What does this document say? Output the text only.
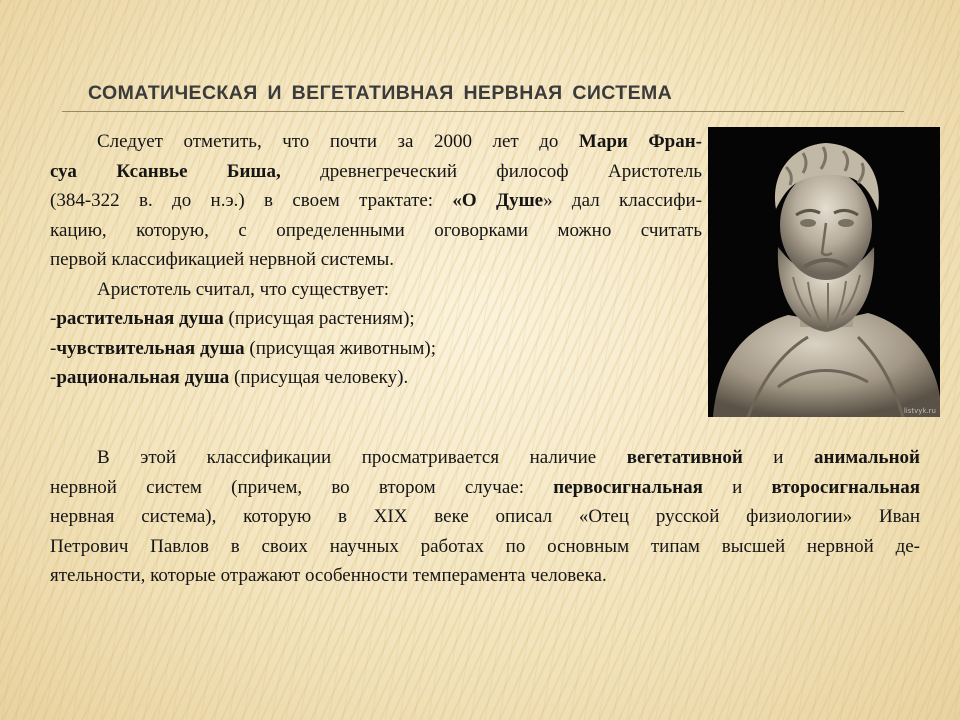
СОМАТИЧЕСКАЯ И ВЕГЕТАТИВНАЯ НЕРВНАЯ СИСТЕМА

Следует отметить, что почти за 2000 лет до Мари Фран-

суа Ксанвье Биша, древнегреческий философ Аристотель

(384-322 в. до н.э.) в своем трактате: «О Душе» дал классифи-

кацию, которую, с определенными оговорками можно считать

первой классификацией нервной системы.

Аристотель считал, что существует:

-растительная душа (присущая растениям);

-чувствительная душа (присущая животным);

-рациональная душа (присущая человеку).

listvyk.ru

В этой классификации просматривается наличие вегетативной и анимальной

нервной систем (причем, во втором случае: первосигнальная и второсигнальная

нервная система), которую в XIX веке описал «Отец русской физиологии» Иван

Петрович Павлов в своих научных работах по основным типам высшей нервной де-

ятельности, которые отражают особенности темперамента человека.
